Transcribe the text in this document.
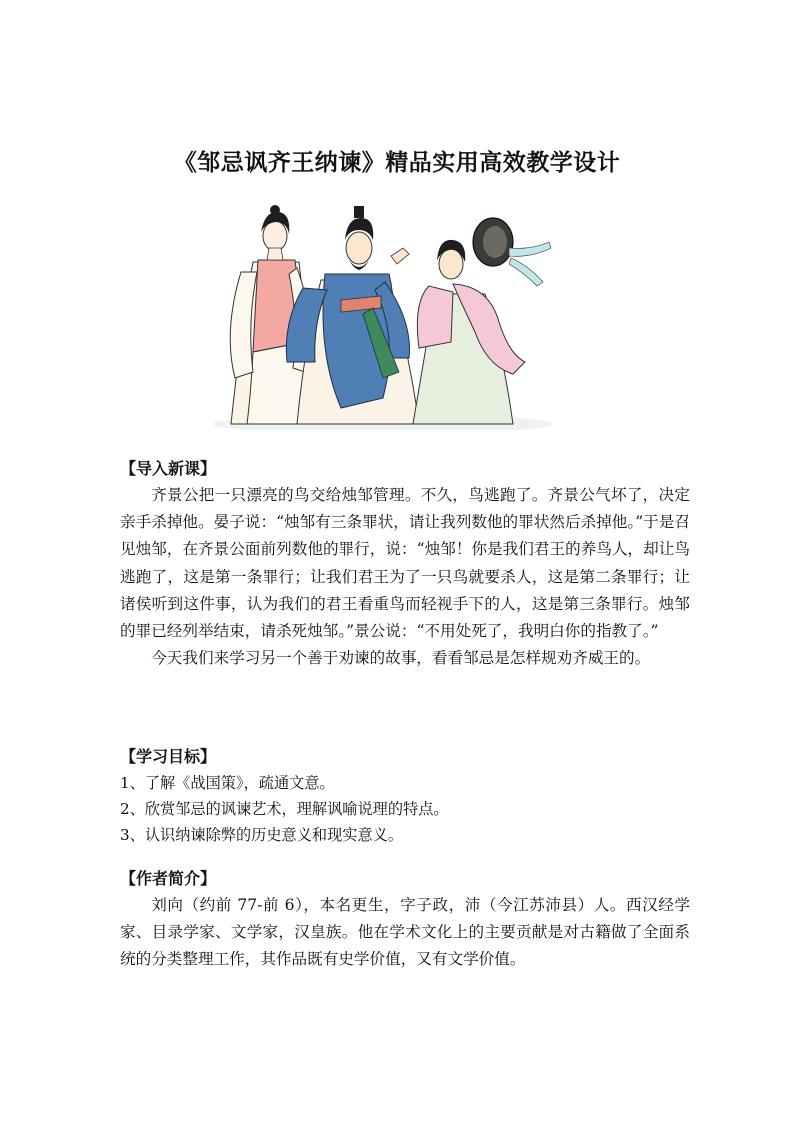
《邹忌讽齐王纳谏》精品实用高效教学设计
【导入新课】

齐景公把一只漂亮的鸟交给烛邹管理。不久，鸟逃跑了。齐景公气坏了，决定亲手杀掉他。晏子说：“烛邹有三条罪状，请让我列数他的罪状然后杀掉他。”于是召见烛邹，在齐景公面前列数他的罪行，说：“烛邹！你是我们君王的养鸟人，却让鸟逃跑了，这是第一条罪行；让我们君王为了一只鸟就要杀人，这是第二条罪行；让诸侯听到这件事，认为我们的君王看重鸟而轻视手下的人，这是第三条罪行。烛邹的罪已经列举结束，请杀死烛邹。”景公说：“不用处死了，我明白你的指教了。”

今天我们来学习另一个善于劝谏的故事，看看邹忌是怎样规劝齐威王的。

【学习目标】

1、了解《战国策》，疏通文意。

2、欣赏邹忌的讽谏艺术，理解讽喻说理的特点。

3、认识纳谏除弊的历史意义和现实意义。

【作者简介】

刘向（约前 77-前 6），本名更生，字子政，沛（今江苏沛县）人。西汉经学家、目录学家、文学家，汉皇族。他在学术文化上的主要贡献是对古籍做了全面系统的分类整理工作，其作品既有史学价值，又有文学价值。
